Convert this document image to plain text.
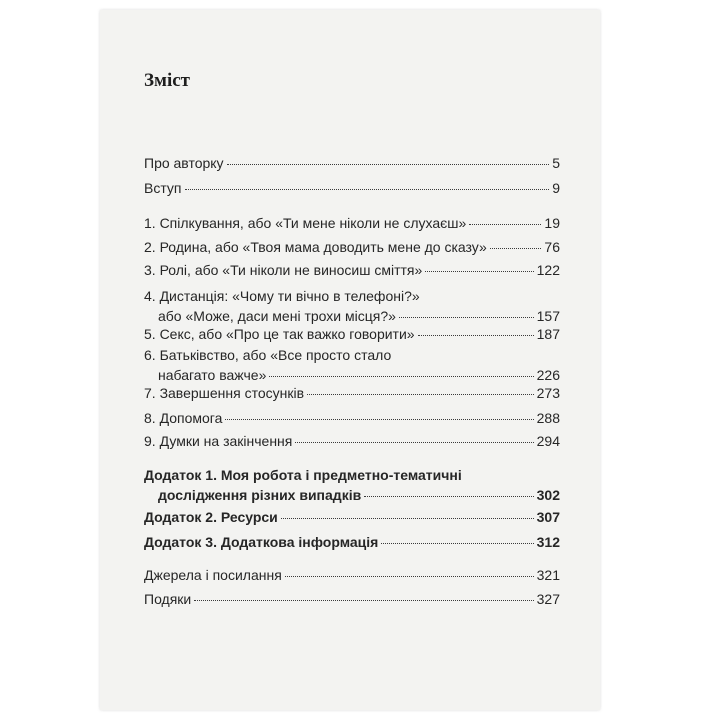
Зміст
Про авторку	5
Вступ	9
1. Спілкування, або «Ти мене ніколи не слухаєш»	19
2. Родина, або «Твоя мама доводить мене до сказу»	76
3. Ролі, або «Ти ніколи не виносиш сміття»	122
4. Дистанція: «Чому ти вічно в телефоні?»
або «Може, даси мені трохи місця?»	157
5. Секс, або «Про це так важко говорити»	187
6. Батьківство, або «Все просто стало
набагато важче»	226
7. Завершення стосунків	273
8. Допомога	288
9. Думки на закінчення	294
Додаток 1. Моя робота і предметно-тематичні
дослідження різних випадків	302
Додаток 2. Ресурси	307
Додаток 3. Додаткова інформація	312
Джерела і посилання	321
Подяки	327
